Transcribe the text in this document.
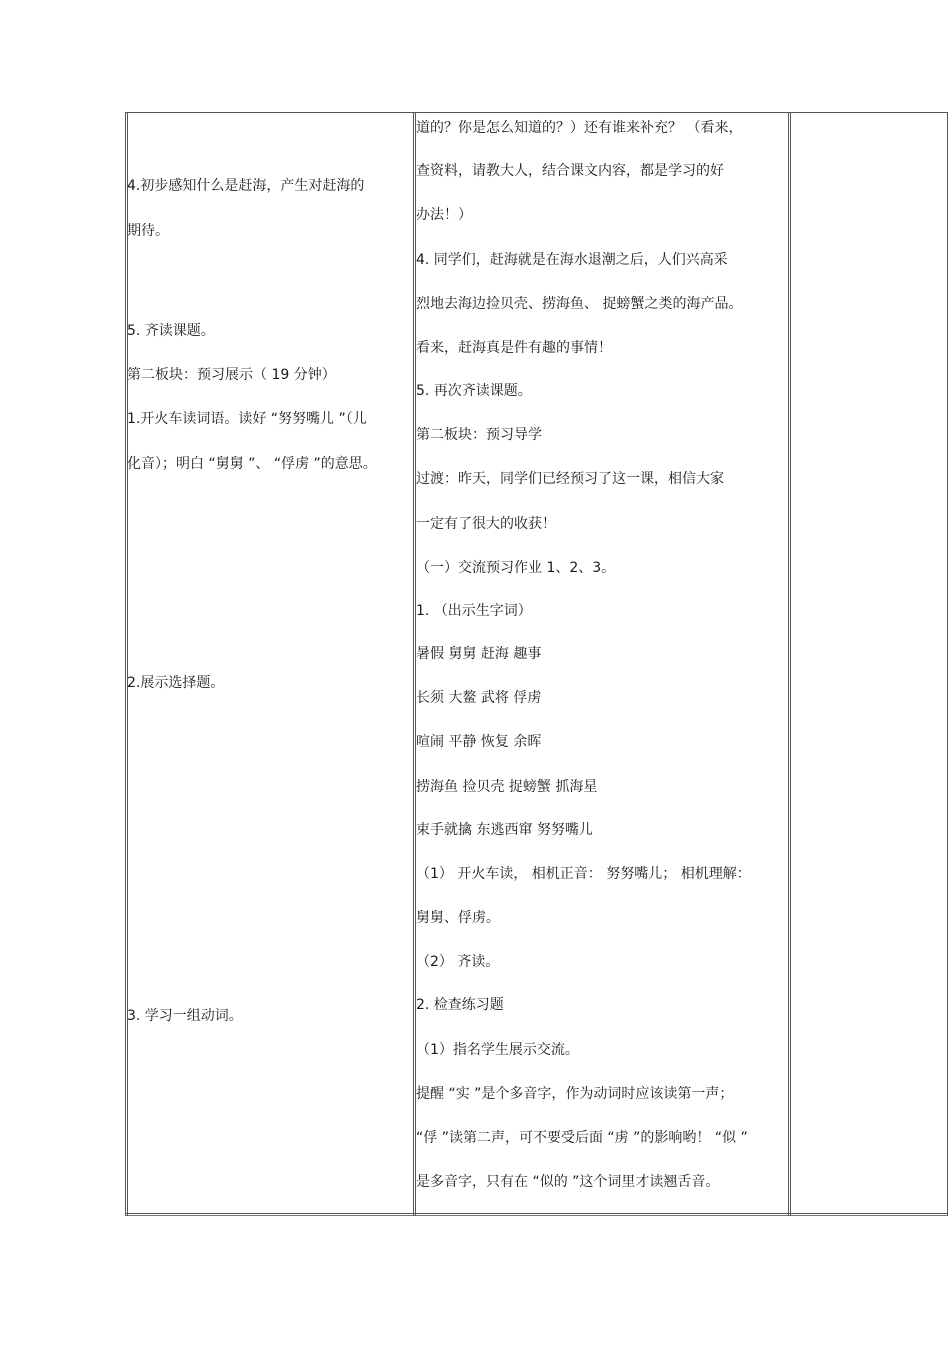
4.初步感知什么是赶海，产生对赶海的
期待。
5. 齐读课题。
第二板块：预习展示（ 19 分钟）
1.开火车读词语。读好 “努努嘴儿 ”（儿
化音）；明白 “舅舅 ”、 “俘虏 ”的意思。
2.展示选择题。
3. 学习一组动词。
道的？你是怎么知道的？）还有谁来补充？ （看来，
查资料，请教大人，结合课文内容，都是学习的好
办法！）
4. 同学们，赶海就是在海水退潮之后，人们兴高采
烈地去海边捡贝壳、捞海鱼、 捉螃蟹之类的海产品。
看来，赶海真是件有趣的事情！
5. 再次齐读课题。
第二板块：预习导学
过渡：昨天，同学们已经预习了这一课，相信大家
一定有了很大的收获！
（一）交流预习作业 1、2、3。
1. （出示生字词）
暑假 舅舅 赶海 趣事
长须 大鳌 武将 俘虏
喧闹 平静 恢复 余晖
捞海鱼 捡贝壳 捉螃蟹 抓海星
束手就擒 东逃西窜 努努嘴儿
（1） 开火车读， 相机正音： 努努嘴儿； 相机理解：
舅舅、俘虏。
（2） 齐读。
2. 检查练习题
（1）指名学生展示交流。
提醒 “实 ”是个多音字，作为动词时应该读第一声；
“俘 ”读第二声，可不要受后面 “虏 ”的影响哟！ “似 ”
是多音字，只有在 “似的 ”这个词里才读翘舌音。
